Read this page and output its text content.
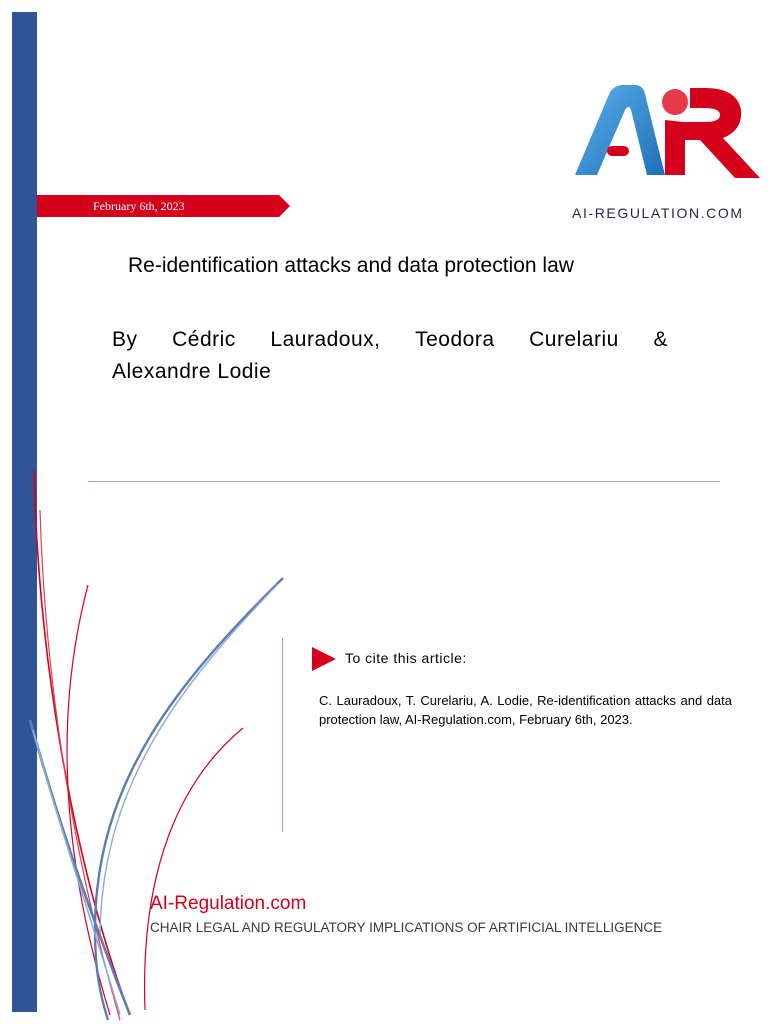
February 6th, 2023	AI-REGULATION.COM
Re-identification attacks and data protection law
By Cédric Lauradoux, Teodora Curelariu &
Alexandre Lodie
To cite this article:
C. Lauradoux, T. Curelariu, A. Lodie, Re-identification attacks and data protection law, AI-Regulation.com, February 6th, 2023.
AI-Regulation.com
CHAIR LEGAL AND REGULATORY IMPLICATIONS OF ARTIFICIAL INTELLIGENCE
